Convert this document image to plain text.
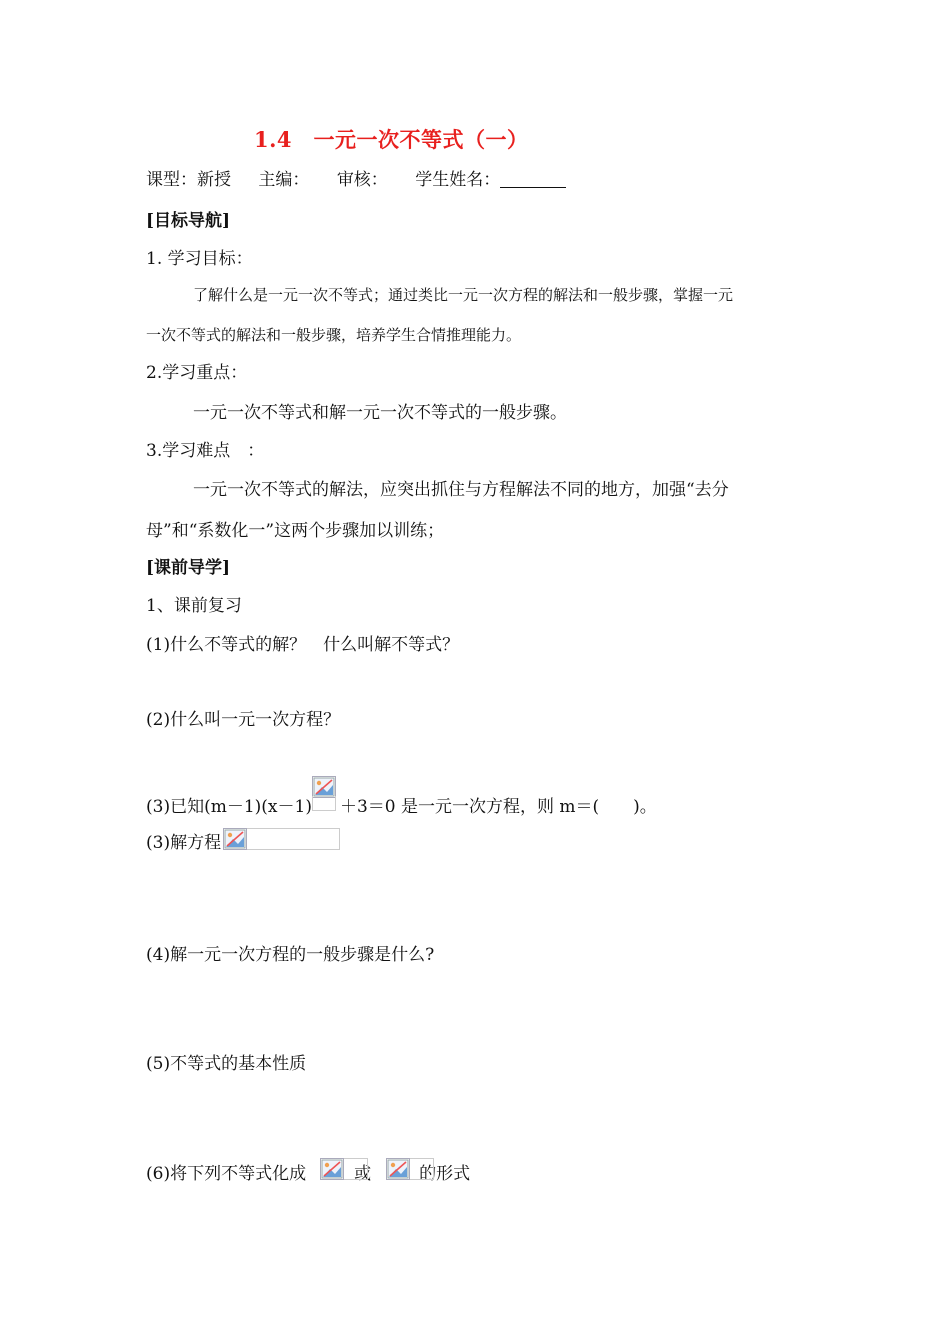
1.4　一元一次不等式（一）
课型：新授 主编： 审核： 学生姓名：
[目标导航]
1. 学习目标：
了解什么是一元一次不等式；通过类比一元一次方程的解法和一般步骤，掌握一元
一次不等式的解法和一般步骤，培养学生合情推理能力。
2.学习重点：
一元一次不等式和解一元一次不等式的一般步骤。
3.学习难点　：
一元一次不等式的解法，应突出抓住与方程解法不同的地方，加强“去分
母”和“系数化一”这两个步骤加以训练；
[课前导学]
1、课前复习
(1)什么不等式的解？　什么叫解不等式？
(2)什么叫一元一次方程？
(3)已知(m－1)(x－1) ＋3＝0 是一元一次方程，则 m＝(　　)。
(3)解方程
(4)解一元一次方程的一般步骤是什么?
(5)不等式的基本性质
(6)将下列不等式化成	或	的形式
